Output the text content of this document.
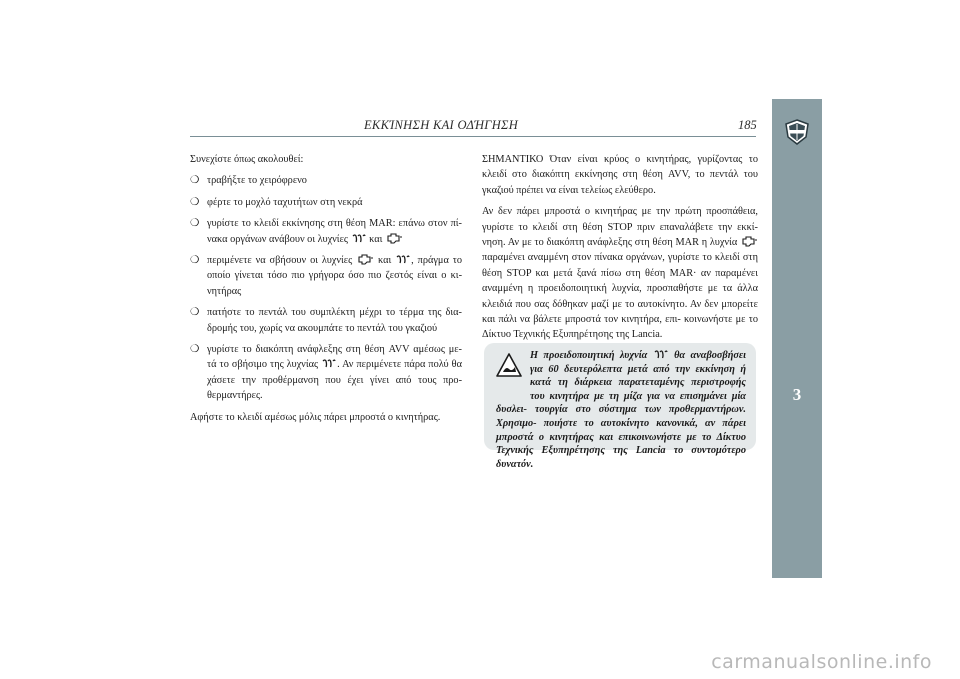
ΕΚΚΊΝΗΣΗ ΚΑΙ ΟΔΉΓΗΣΗ	185
3

Συνεχίστε όπως ακολουθεί:

❍ τραβήξτε το χειρόφρενο
❍ φέρτε το μοχλό ταχυτήτων στη νεκρά
❍ γυρίστε το κλειδί εκκίνησης στη θέση MAR: επάνω στον πί- νακα οργάνων ανάβουν οι λυχνίες και
❍ περιμένετε να σβήσουν οι λυχνίες	και , πράγμα το οποίο γίνεται τόσο πιο γρήγορα όσο πιο ζεστός είναι ο κι- νητήρας
❍ πατήστε το πεντάλ του συμπλέκτη μέχρι το τέρμα της δια- δρομής του, χωρίς να ακουμπάτε το πεντάλ του γκαζιού
❍ γυρίστε το διακόπτη ανάφλεξης στη θέση AVV αμέσως με- τά το σβήσιμο της λυχνίας . Αν περιμένετε πάρα πολύ θα χάσετε την προθέρμανση που έχει γίνει από τους προ- θερμαντήρες.

Αφήστε το κλειδί αμέσως μόλις πάρει μπροστά ο κινητήρας.

ΣΗΜΑΝΤΙΚΟ Όταν είναι κρύος ο κινητήρας, γυρίζοντας το κλειδί στο διακόπτη εκκίνησης στη θέση AVV, το πεντάλ του γκαζιού πρέπει να είναι τελείως ελεύθερο.

Αν δεν πάρει μπροστά ο κινητήρας με την πρώτη προσπάθεια, γυρίστε το κλειδί στη θέση STOP πριν επαναλάβετε την εκκί- νηση. Αν με το διακόπτη ανάφλεξης στη θέση MAR η λυχνία  παραμένει αναμμένη στον πίνακα οργάνων, γυρίστε το κλειδί στη θέση STOP και μετά ξανά πίσω στη θέση MAR· αν παραμένει αναμμένη η προειδοποιητική λυχνία, προσπαθήστε με τα άλλα κλειδιά που σας δόθηκαν μαζί με το αυτοκίνητο. Αν δεν μπορείτε και πάλι να βάλετε μπροστά τον κινητήρα, επι- κοινωνήστε με το Δίκτυο Τεχνικής Εξυπηρέτησης της Lancia.

Η προειδοποιητική λυχνία	θα αναβοσβήσει για 60 δευτερόλεπτα μετά από την εκκίνηση ή κατά τη διάρκεια παρατεταμένης περιστροφής του κινητήρα με τη μίζα για να επισημάνει μία δυσλει- τουργία στο σύστημα των προθερμαντήρων. Χρησιμο- ποιήστε το αυτοκίνητο κανονικά, αν πάρει μπροστά ο κινητήρας και επικοινωνήστε με το Δίκτυο Τεχνικής Εξυπηρέτησης της Lancia το συντομότερο δυνατόν.
carmanualsonline.info
